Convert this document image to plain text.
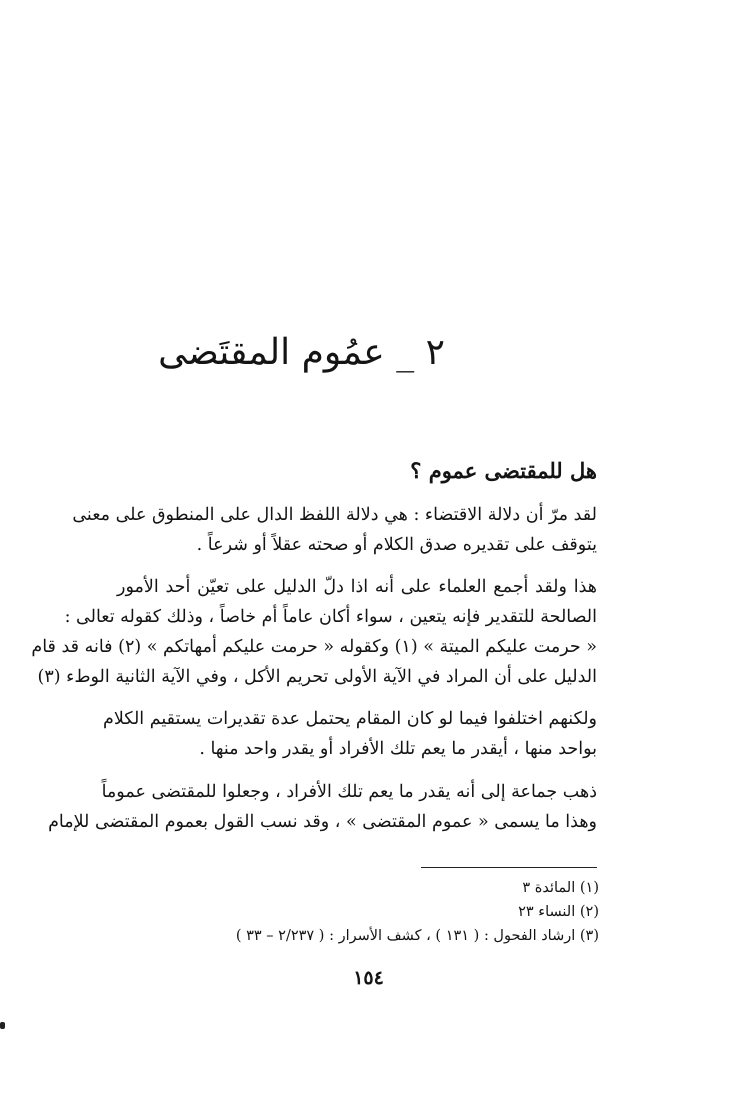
٢ _ عمُوم المقتَضى
هل للمقتضى عموم ؟
لقد مرّ أن دلالة الاقتضاء : هي دلالة اللفظ الدال على المنطوق على معنى
يتوقف على تقديره صدق الكلام أو صحته عقلاً أو شرعاً .
هذا ولقد أجمع العلماء على أنه اذا دلّ الدليل على تعيّن أحد الأمور
الصالحة للتقدير فإنه يتعين ، سواء أكان عاماً أم خاصاً ، وذلك كقوله تعالى :
« حرمت عليكم الميتة » (١) وكقوله « حرمت عليكم أمهاتكم » (٢) فانه قد قام
الدليل على أن المراد في الآية الأولى تحريم الأكل ، وفي الآية الثانية الوطء (٣)
ولكنهم اختلفوا فيما لو كان المقام يحتمل عدة تقديرات يستقيم الكلام
بواحد منها ، أيقدر ما يعم تلك الأفراد أو يقدر واحد منها .
ذهب جماعة إلى أنه يقدر ما يعم تلك الأفراد ، وجعلوا للمقتضى عموماً
وهذا ما يسمى « عموم المقتضى » ، وقد نسب القول بعموم المقتضى للإمام
(١) المائدة ٣
(٢) النساء ٢٣
(٣) ارشاد الفحول : ( ١٣١ ) ، كشف الأسرار : ( ٢/٢٣٧ – ٣٣ )
١٥٤
